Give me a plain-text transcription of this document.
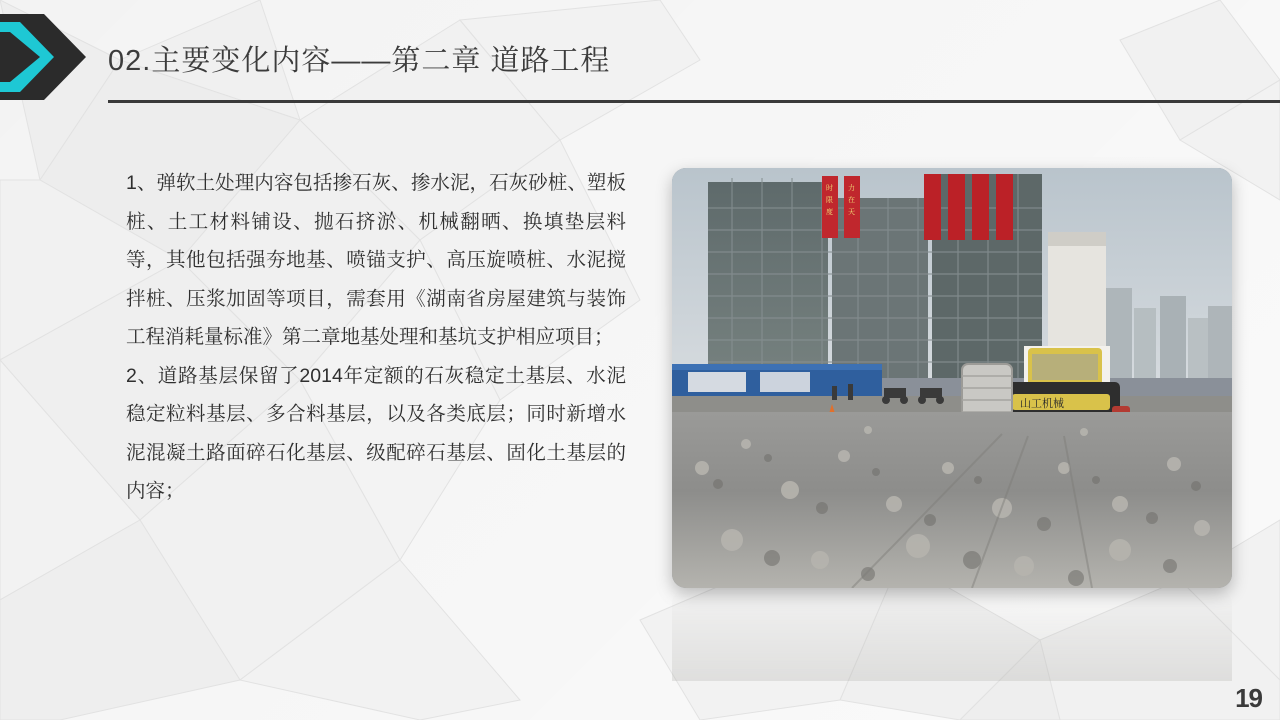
02.主要变化内容——第二章 道路工程

1、弹软土处理内容包括掺石灰、掺水泥，石灰砂桩、塑板桩、土工材料铺设、抛石挤淤、机械翻晒、换填垫层料等，其他包括强夯地基、喷锚支护、高压旋喷桩、水泥搅拌桩、压浆加固等项目，需套用《湖南省房屋建筑与装饰工程消耗量标准》第二章地基处理和基坑支护相应项目；

2、道路基层保留了2014年定额的石灰稳定土基层、水泥稳定粒料基层、多合料基层，以及各类底层；同时新增水泥混凝土路面碎石化基层、级配碎石基层、固化土基层的内容；

时
限
度
力
在
天
山工机械
19
